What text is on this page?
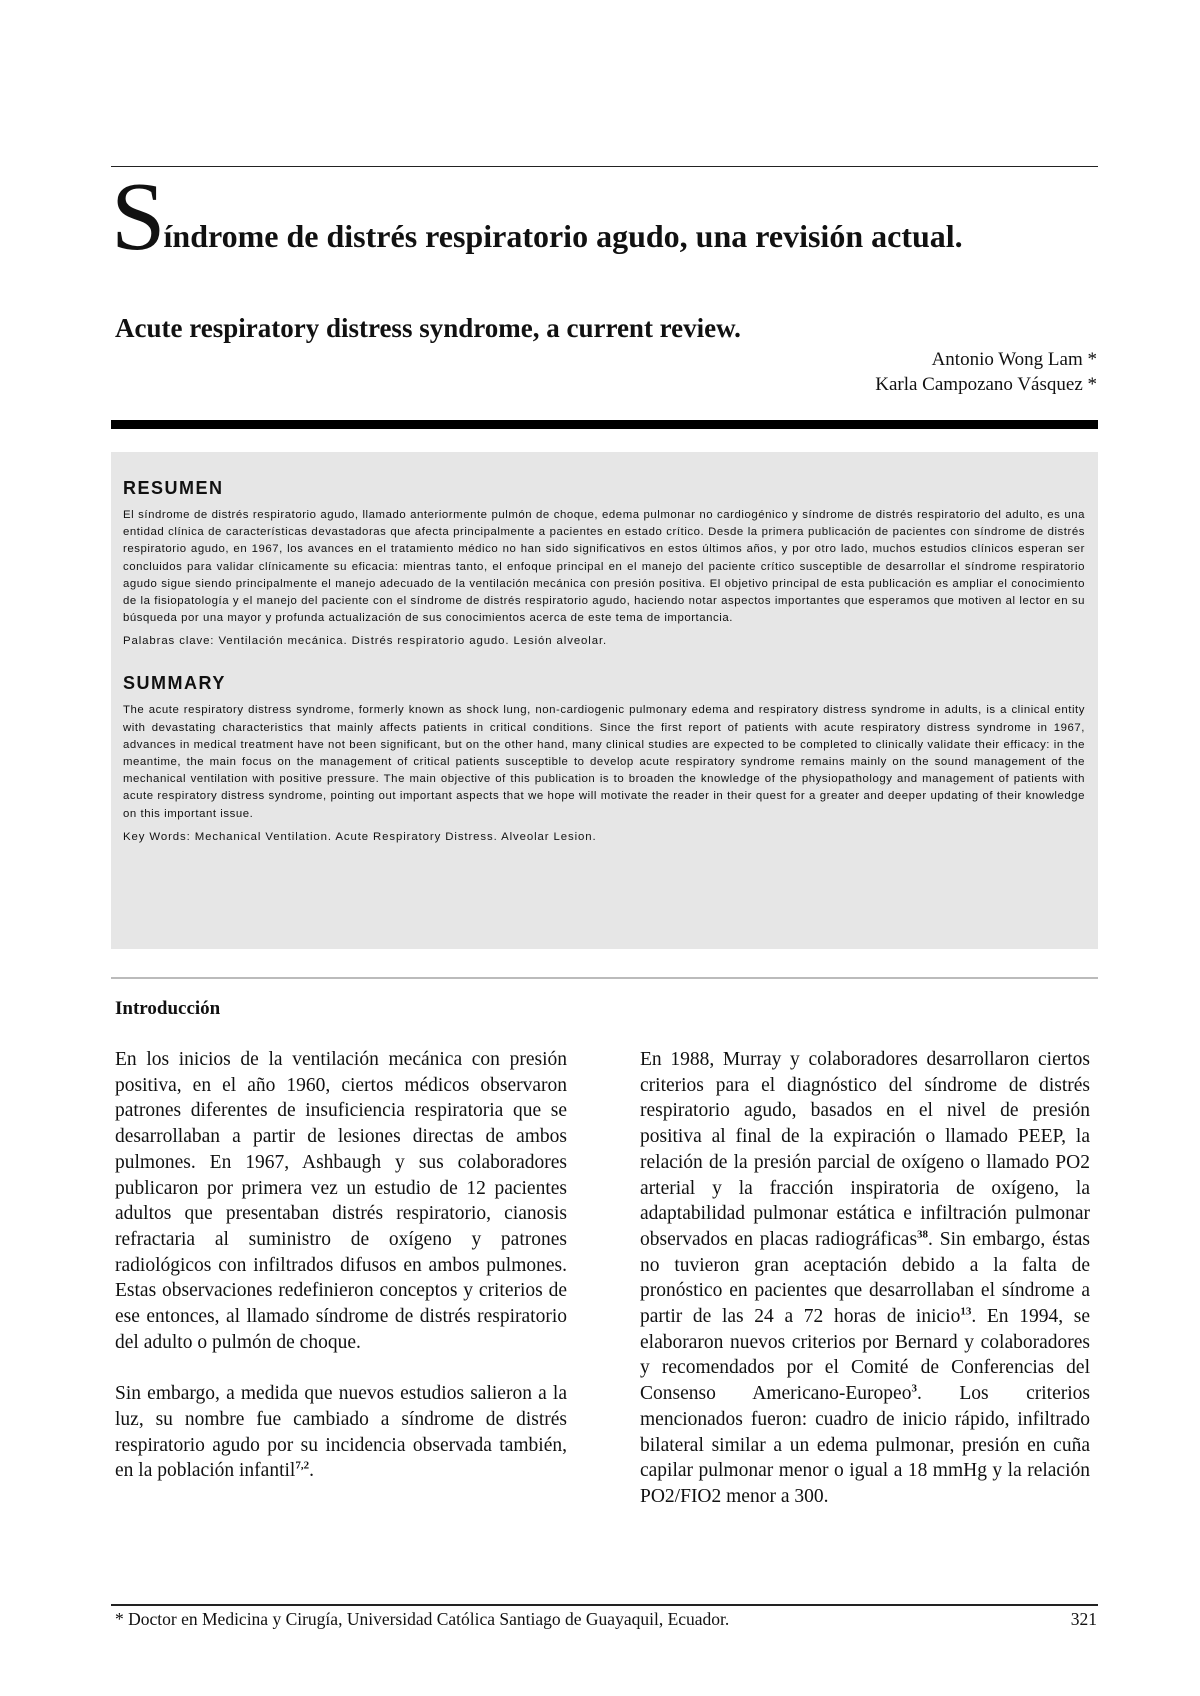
Síndrome de distrés respiratorio agudo, una revisión actual.
Acute respiratory distress syndrome, a current review.
Antonio Wong Lam *
Karla Campozano Vásquez *
RESUMEN

El síndrome de distrés respiratorio agudo, llamado anteriormente pulmón de choque, edema pulmonar no cardiogénico y síndrome de distrés respiratorio del adulto, es una entidad clínica de características devastadoras que afecta principalmente a pacientes en estado crítico. Desde la primera publicación de pacientes con síndrome de distrés respiratorio agudo, en 1967, los avances en el tratamiento médico no han sido significativos en estos últimos años, y por otro lado, muchos estudios clínicos esperan ser concluidos para validar clínicamente su eficacia: mientras tanto, el enfoque principal en el manejo del paciente crítico susceptible de desarrollar el síndrome respiratorio agudo sigue siendo principalmente el manejo adecuado de la ventilación mecánica con presión positiva. El objetivo principal de esta publicación es ampliar el conocimiento de la fisiopatología y el manejo del paciente con el síndrome de distrés respiratorio agudo, haciendo notar aspectos importantes que esperamos que motiven al lector en su búsqueda por una mayor y profunda actualización de sus conocimientos acerca de este tema de importancia.

Palabras clave: Ventilación mecánica. Distrés respiratorio agudo. Lesión alveolar.

SUMMARY

The acute respiratory distress syndrome, formerly known as shock lung, non-cardiogenic pulmonary edema and respiratory distress syndrome in adults, is a clinical entity with devastating characteristics that mainly affects patients in critical conditions. Since the first report of patients with acute respiratory distress syndrome in 1967, advances in medical treatment have not been significant, but on the other hand, many clinical studies are expected to be completed to clinically validate their efficacy: in the meantime, the main focus on the management of critical patients susceptible to develop acute respiratory syndrome remains mainly on the sound management of the mechanical ventilation with positive pressure. The main objective of this publication is to broaden the knowledge of the physiopathology and management of patients with acute respiratory distress syndrome, pointing out important aspects that we hope will motivate the reader in their quest for a greater and deeper updating of their knowledge on this important issue.

Key Words: Mechanical Ventilation. Acute Respiratory Distress. Alveolar Lesion.

Introducción

En los inicios de la ventilación mecánica con presión positiva, en el año 1960, ciertos médicos observaron patrones diferentes de insuficiencia respiratoria que se desarrollaban a partir de lesiones directas de ambos pulmones. En 1967, Ashbaugh y sus colaboradores publicaron por primera vez un estudio de 12 pacientes adultos que presentaban distrés respiratorio, cianosis refractaria al suministro de oxígeno y patrones radiológicos con infiltrados difusos en ambos pulmones. Estas observaciones redefinieron conceptos y criterios de ese entonces, al llamado síndrome de distrés respiratorio del adulto o pulmón de choque.

Sin embargo, a medida que nuevos estudios salieron a la luz, su nombre fue cambiado a síndrome de distrés respiratorio agudo por su incidencia observada también, en la población infantil$^{7,2}$.

En 1988, Murray y colaboradores desarrollaron ciertos criterios para el diagnóstico del síndrome de distrés respiratorio agudo, basados en el nivel de presión positiva al final de la expiración o llamado PEEP, la relación de la presión parcial de oxígeno o llamado PO2 arterial y la fracción inspiratoria de oxígeno, la adaptabilidad pulmonar estática e infiltración pulmonar observados en placas radiográficas$^{38}$. Sin embargo, éstas no tuvieron gran aceptación debido a la falta de pronóstico en pacientes que desarrollaban el síndrome a partir de las 24 a 72 horas de inicio$^{13}$. En 1994, se elaboraron nuevos criterios por Bernard y colaboradores y recomendados por el Comité de Conferencias del Consenso Americano-Europeo$^3$. Los criterios mencionados fueron: cuadro de inicio rápido, infiltrado bilateral similar a un edema pulmonar, presión en cuña capilar pulmonar menor o igual a 18 mmHg y la relación PO2/FIO2 menor a 300.

* Doctor en Medicina y Cirugía, Universidad Católica Santiago de Guayaquil, Ecuador.	321
